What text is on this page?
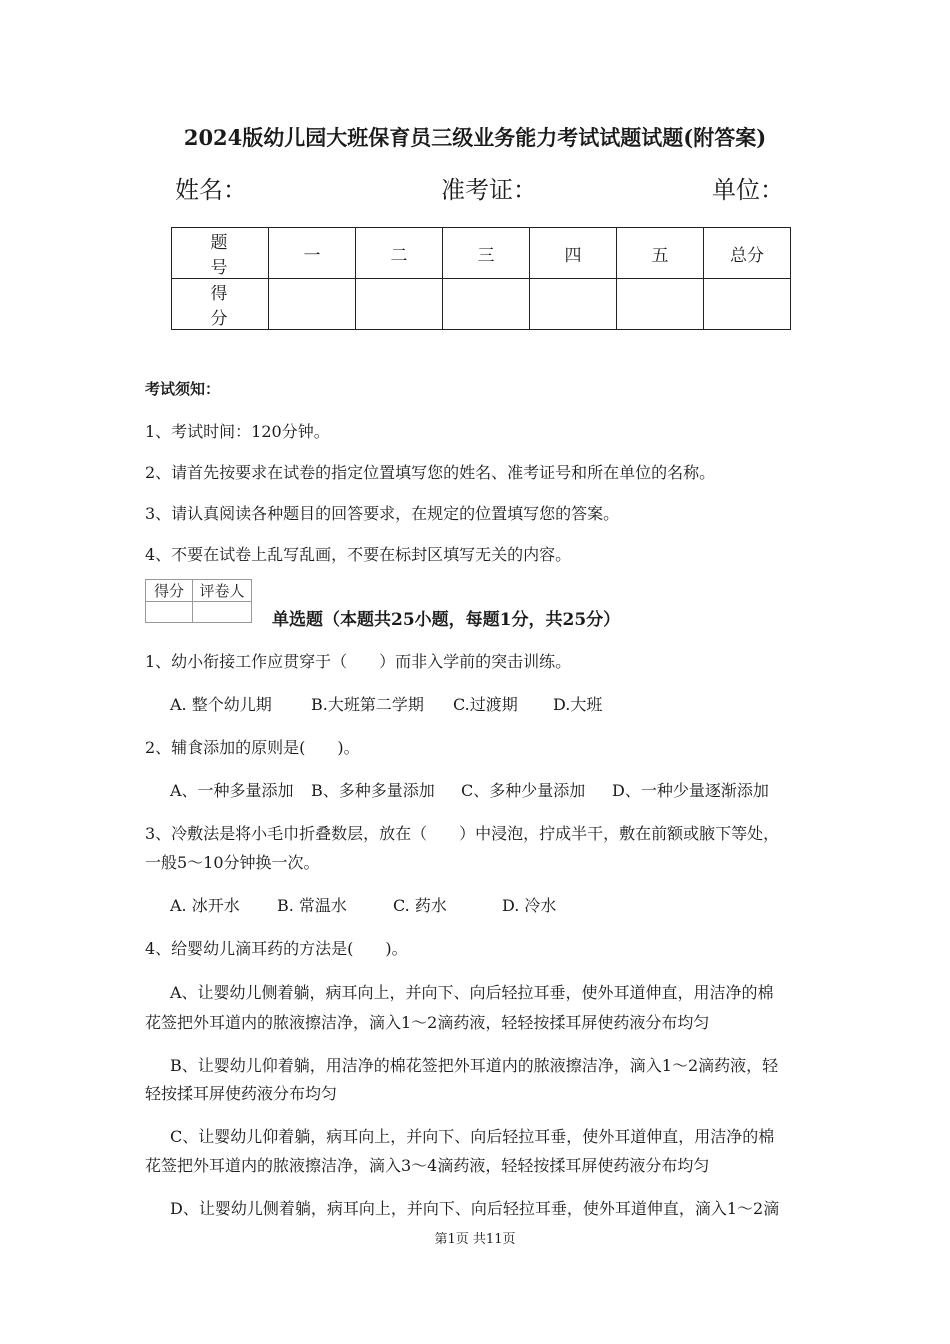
2024版幼儿园大班保育员三级业务能力考试试题试题(附答案)
姓名：	准考证：	单位：
题　号	一	二	三	四	五	总分
得　分						
考试须知：
1、考试时间：120分钟。
2、请首先按要求在试卷的指定位置填写您的姓名、准考证号和所在单位的名称。
3、请认真阅读各种题目的回答要求，在规定的位置填写您的答案。
4、不要在试卷上乱写乱画，不要在标封区填写无关的内容。
得分	评卷人

单选题（本题共25小题，每题1分，共25分）
1、幼小衔接工作应贯穿于（　　）而非入学前的突击训练。
A. 整个幼儿期 B.大班第二学期 C.过渡期 D.大班
2、辅食添加的原则是(　　)。
A、一种多量添加 B、多种多量添加 C、多种少量添加 D、一种少量逐渐添加
3、冷敷法是将小毛巾折叠数层，放在（　　）中浸泡，拧成半干，敷在前额或腋下等处，
一般5～10分钟换一次。
A. 冰开水 B. 常温水	C. 药水	D. 冷水
4、给婴幼儿滴耳药的方法是(　　)。
A、让婴幼儿侧着躺，病耳向上，并向下、向后轻拉耳垂，使外耳道伸直，用洁净的棉
花签把外耳道内的脓液擦洁净，滴入1～2滴药液，轻轻按揉耳屏使药液分布均匀
B、让婴幼儿仰着躺，用洁净的棉花签把外耳道内的脓液擦洁净，滴入1～2滴药液，轻
轻按揉耳屏使药液分布均匀
C、让婴幼儿仰着躺，病耳向上，并向下、向后轻拉耳垂，使外耳道伸直，用洁净的棉
花签把外耳道内的脓液擦洁净，滴入3～4滴药液，轻轻按揉耳屏使药液分布均匀
D、让婴幼儿侧着躺，病耳向上，并向下、向后轻拉耳垂，使外耳道伸直，滴入1～2滴
第1页 共11页
